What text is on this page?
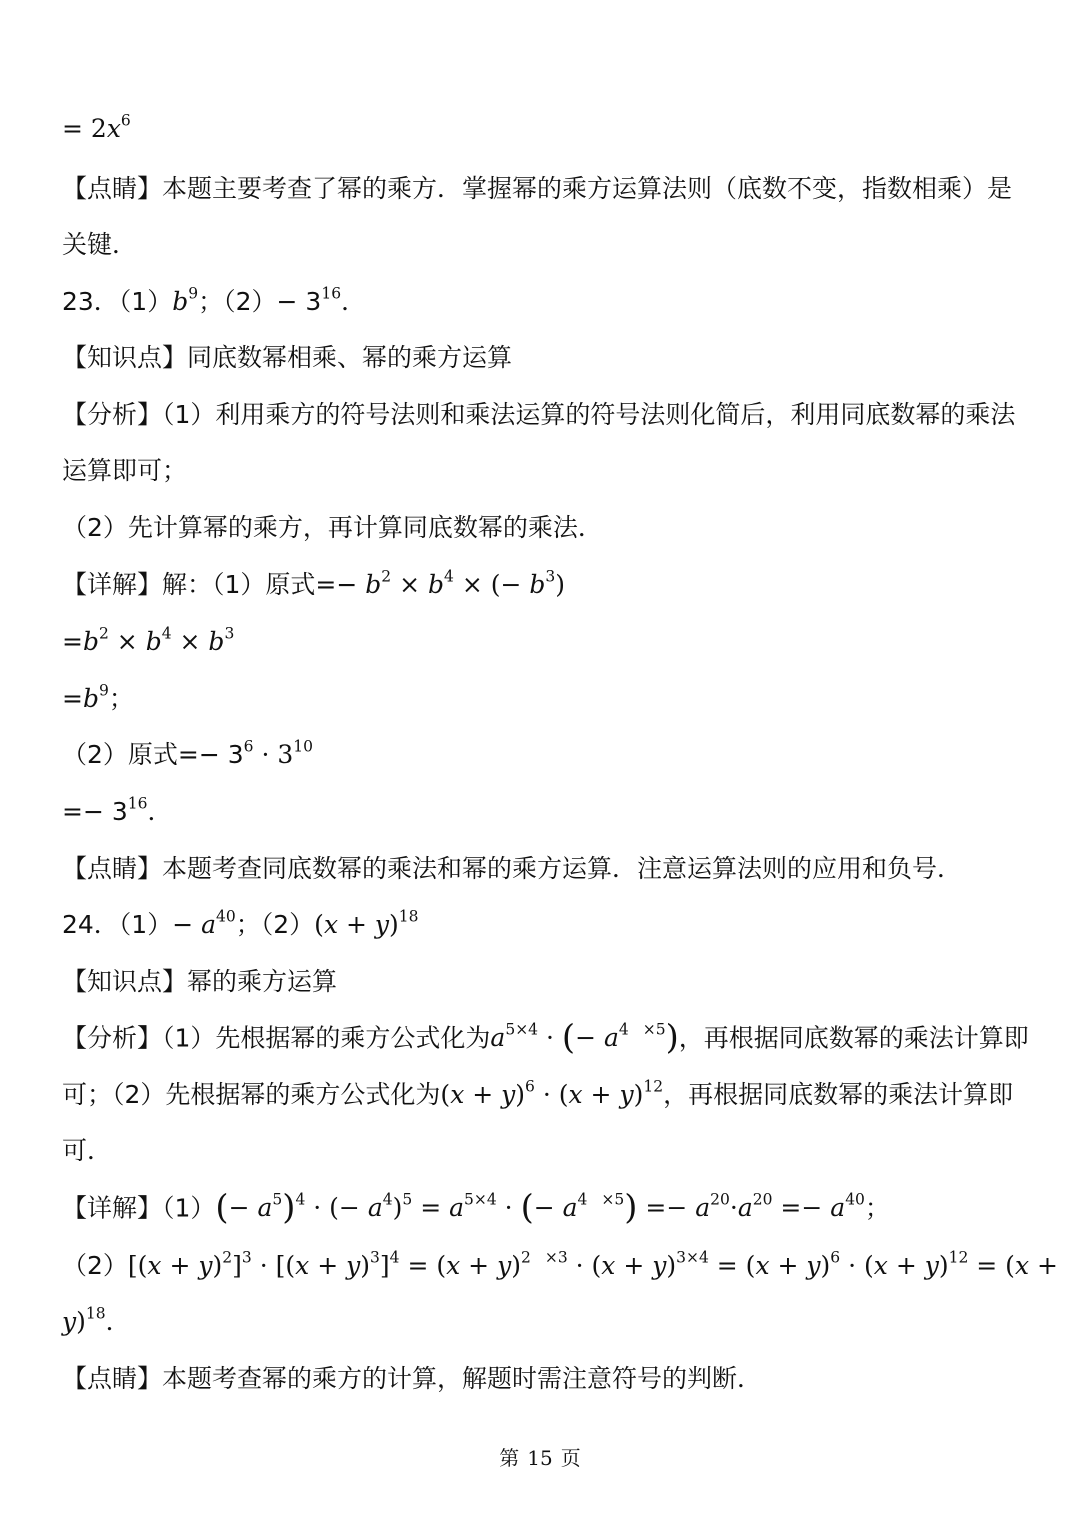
= $2x^6$
【点睛】本题主要考查了幂的乘方．掌握幂的乘方运算法则（底数不变，指数相乘）是
关键．
23．$(1)b^9$；$(2)- 3^{16}$．
【知识点】同底数幂相乘、幂的乘方运算
【分析】（1）利用乘方的符号法则和乘法运算的符号法则化简后，利用同底数幂的乘法
运算即可；
（2）先计算幂的乘方，再计算同底数幂的乘法．
【详解】解：（1）原式=− $b^2 \times b^4$ × (− $b^3$)
$=b^2 \times b^4 \times b^3$
$=b^9$；
（2）原式=− $3^6 \cdot 3^{10}$
=− $3^{16}$．
【点睛】本题考查同底数幂的乘法和幂的乘方运算．注意运算法则的应用和负号．
24．$(1)- a^{40}$；$(2)(x + y)^{18}$
【知识点】幂的乘方运算
【分析】（1）先根据幂的乘方公式化为$a^{5\times 4}$ · (− $a^4$ $^{\times 5}$)，再根据同底数幂的乘法计算即
可；（2）先根据幂的乘方公式化为$(x + y)^6 \cdot (x + y)^{12}$，再根据同底数幂的乘法计算即
可．
【详解】$(1)(- a^5)^4$ · (− $a^4)^5 = a^{5\times 4}$ · (− $a^4$ $^{\times 5}) =- a^{20}\cdot a^{20} =- a^{40}$；
$(2)[(x + y)^2]^3 \cdot [(x + y)^3]^4 = (x + y)^2$ $^{\times 3} \cdot (x + y)^{3\times 4} = (x + y)^6 \cdot (x + y)^{12} = (x$ +
y)$^{18}$．
【点睛】本题考查幂的乘方的计算，解题时需注意符号的判断．
第 15 页
